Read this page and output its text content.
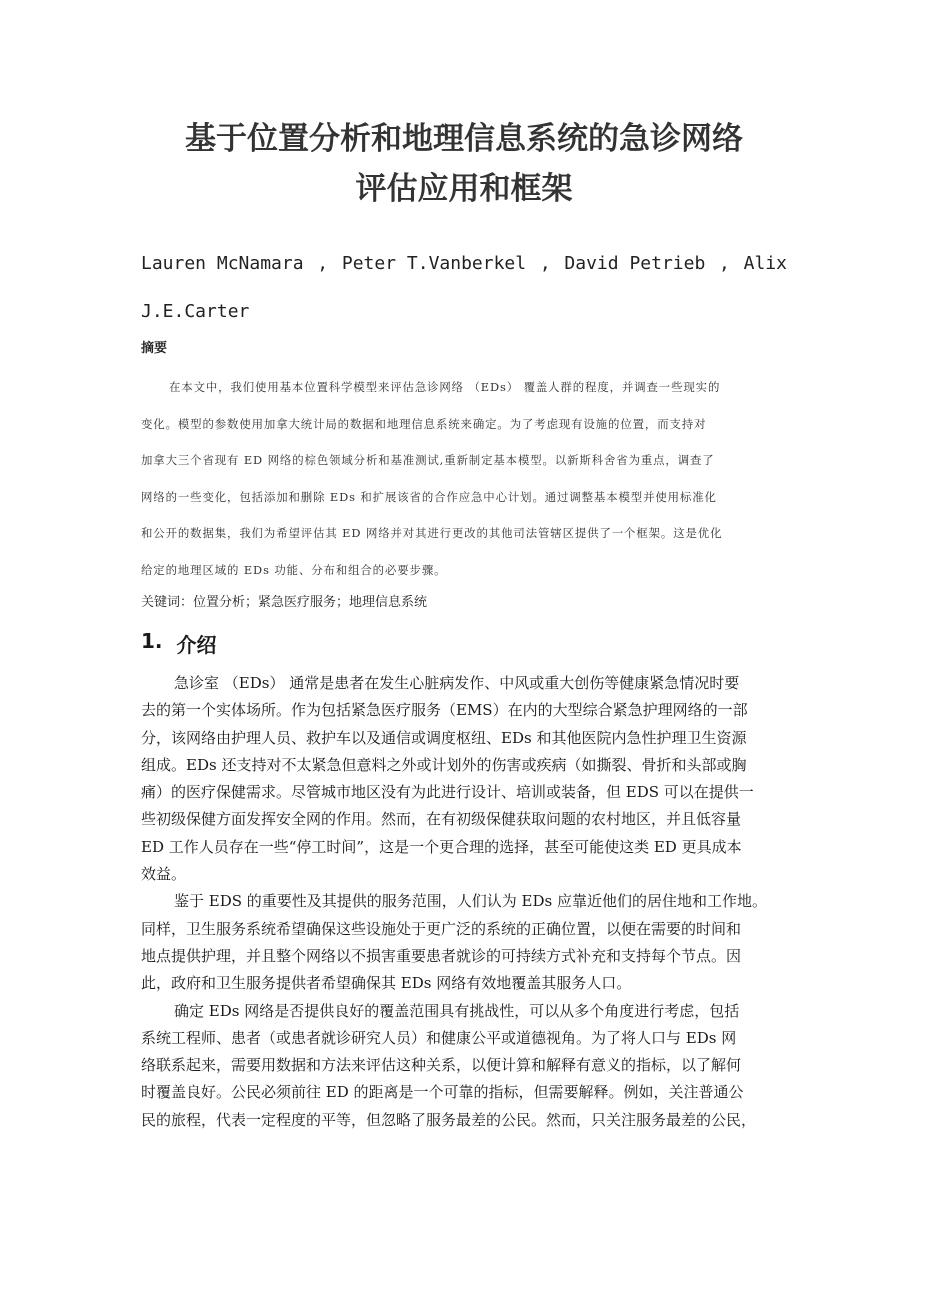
基于位置分析和地理信息系统的急诊网络
评估应用和框架
Lauren McNamara , Peter T.Vanberkel , David Petrieb , Alix
J.E.Carter
摘要
在本文中，我们使用基本位置科学模型来评估急诊网络 （EDs） 覆盖人群的程度，并调查一些现实的
变化。模型的参数使用加拿大统计局的数据和地理信息系统来确定。为了考虑现有设施的位置，而支持对
加拿大三个省现有 ED 网络的棕色领域分析和基准测试,重新制定基本模型。以新斯科舍省为重点，调查了
网络的一些变化，包括添加和删除 EDs 和扩展该省的合作应急中心计划。通过调整基本模型并使用标准化
和公开的数据集，我们为希望评估其 ED 网络并对其进行更改的其他司法管辖区提供了一个框架。这是优化
给定的地理区域的 EDs 功能、分布和组合的必要步骤。

关键词：位置分析；紧急医疗服务；地理信息系统

1. 介绍
急诊室 （EDs） 通常是患者在发生心脏病发作、中风或重大创伤等健康紧急情况时要
去的第一个实体场所。作为包括紧急医疗服务（EMS）在内的大型综合紧急护理网络的一部
分，该网络由护理人员、救护车以及通信或调度枢纽、EDs 和其他医院内急性护理卫生资源
组成。EDs 还支持对不太紧急但意料之外或计划外的伤害或疾病（如撕裂、骨折和头部或胸
痛）的医疗保健需求。尽管城市地区没有为此进行设计、培训或装备，但 EDS 可以在提供一
些初级保健方面发挥安全网的作用。然而，在有初级保健获取问题的农村地区，并且低容量
ED 工作人员存在一些“停工时间”，这是一个更合理的选择，甚至可能使这类 ED 更具成本
效益。
鉴于 EDS 的重要性及其提供的服务范围，人们认为 EDs 应靠近他们的居住地和工作地。
同样，卫生服务系统希望确保这些设施处于更广泛的系统的正确位置，以便在需要的时间和
地点提供护理，并且整个网络以不损害重要患者就诊的可持续方式补充和支持每个节点。因
此，政府和卫生服务提供者希望确保其 EDs 网络有效地覆盖其服务人口。
确定 EDs 网络是否提供良好的覆盖范围具有挑战性，可以从多个角度进行考虑，包括
系统工程师、患者（或患者就诊研究人员）和健康公平或道德视角。为了将人口与 EDs 网
络联系起来，需要用数据和方法来评估这种关系，以便计算和解释有意义的指标，以了解何
时覆盖良好。公民必须前往 ED 的距离是一个可靠的指标，但需要解释。例如，关注普通公
民的旅程，代表一定程度的平等，但忽略了服务最差的公民。然而，只关注服务最差的公民，
